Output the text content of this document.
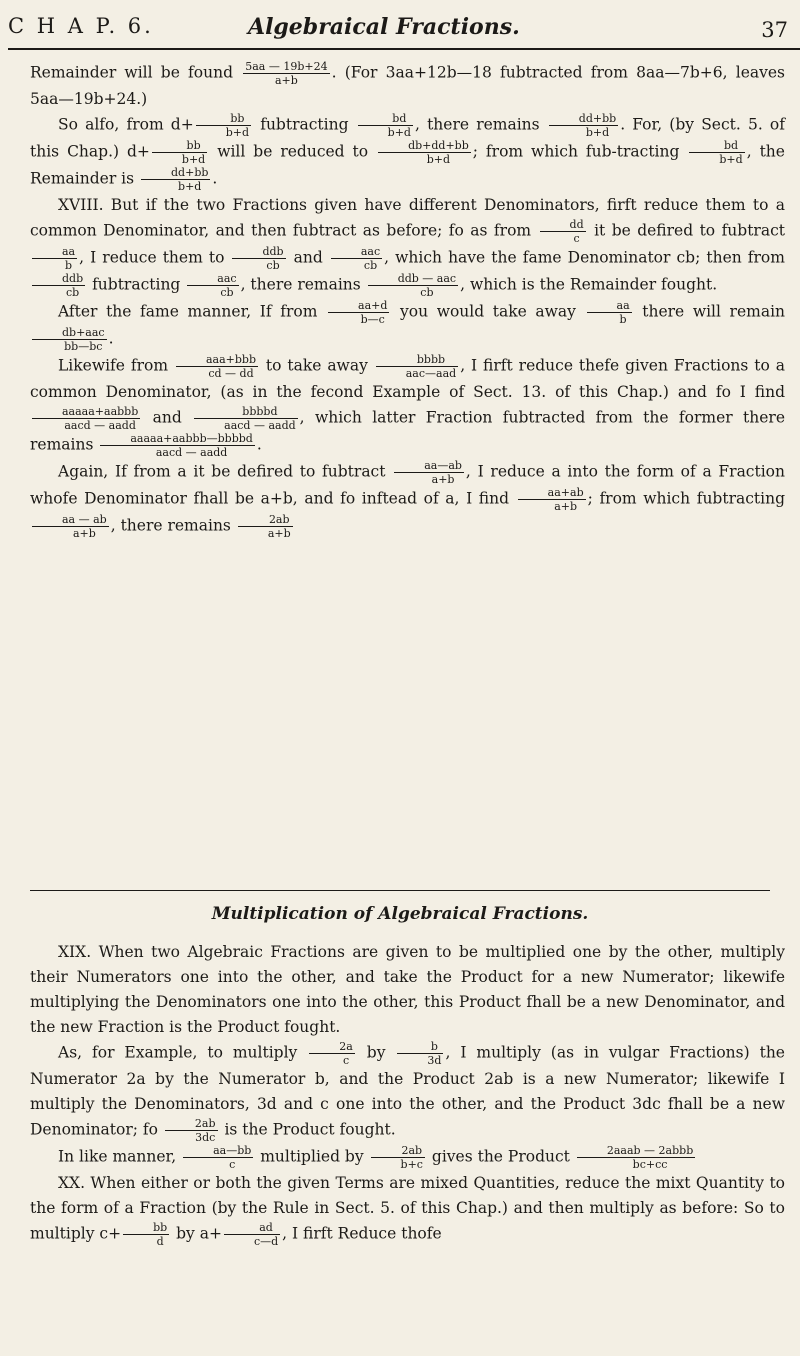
C H A P. 6.	Algebraical Fractions.	37

Remainder will be found $\frac{5aa — 19b+24}{a+b}$ . (For 3aa+12b—18 fubtracted from 8aa—7b+6, leaves 5aa—19b+24.)

So alfo, from $d+ \frac{bb}{b+d}$ fubtracting $\frac{bd}{b+d}$ , there remains $\frac{dd+bb}{b+d}$ . For, (by Sect. 5. of this Chap.) $d+ \frac{bb}{b+d}$ will be reduced to $\frac{db+dd+bb}{b+d}$ ; from which fub-tracting $\frac{bd}{b+d}$ , the Remainder is $\frac{dd+bb}{b+d}$ .

XVIII. But if the two Fractions given have different Denominators, firft reduce them to a common Denominator, and then fubtract as before; fo as from $\frac{dd}{c}$ it be defired to fubtract
$\frac{aa}{b}$ , I reduce them to $\frac{\text{ddb}}{cb}$ and $\frac{\text{aac}}{cb}$ , which have the fame Denominator cb; then from
$\frac{\text{ddb}}{cb}$ fubtracting $\frac{\text{aac}}{cb}$ , there remains $\frac{\text{ddb — aac}}{cb}$ , which is the Remainder fought.

After the fame manner, If from $\frac{aa+d}{b—c}$ you would take away $\frac{aa}{b}$ there will remain
$\frac{\text{db+aac}}{bb—bc}$ .

Likewife from $\frac{\text{aaa+bbb}}{cd — dd}$ to take away $\frac{\text{bbbb}}{\text{aac—aad}}$ , I firft reduce thefe given Fractions to a common Denominator, (as in the fecond Example of Sect. 13. of this Chap.) and fo I find
$\frac{\text{aaaaa+aabbb}}{\text{aacd — aadd}}$ and $\frac{\text{bbbbd}}{\text{aacd — aadd}}$ , which latter Fraction fubtracted from the former there remains $\frac{\text{aaaaa+aabbb—bbbbd}}{\text{aacd — aadd}}$ .

Again, If from a it be defired to fubtract $\frac{aa—ab}{a+b}$ , I reduce a into the form of a Fraction whofe Denominator fhall be a+b, and fo inftead of a, I find $\frac{aa+ab}{a+b}$ ; from which fubtracting
$\frac{aa — ab}{a+b}$ , there remains $\frac{2ab}{a+b}$

Multiplication of Algebraical Fractions.

XIX. When two Algebraic Fractions are given to be multiplied one by the other, multiply their Numerators one into the other, and take the Product for a new Numerator; likewife multiplying the Denominators one into the other, this Product fhall be a new Denominator, and the new Fraction is the Product fought.

As, for Example, to multiply $\frac{2a}{c}$ by $\frac{b}{3d}$ , I multiply (as in vulgar Fractions) the Numerator 2a by the Numerator b, and the Product 2ab is a new Numerator; likewife I multiply the Denominators, 3d and c one into the other, and the Product 3dc fhall be a new Denominator; fo $\frac{2ab}{3dc}$ is the Product fought.

In like manner, $\frac{aa—bb}{c}$ multiplied by $\frac{2ab}{b+c}$ gives the Product $\frac{\text{2aaab — 2abbb}}{bc+cc}$

XX. When either or both the given Terms are mixed Quantities, reduce the mixt Quantity to the form of a Fraction (by the Rule in Sect. 5. of this Chap.) and then multiply as before: So to multiply $c+ \frac{bb}{d}$ by $a+ \frac{ad}{c—d}$ , I firft Reduce thofe
